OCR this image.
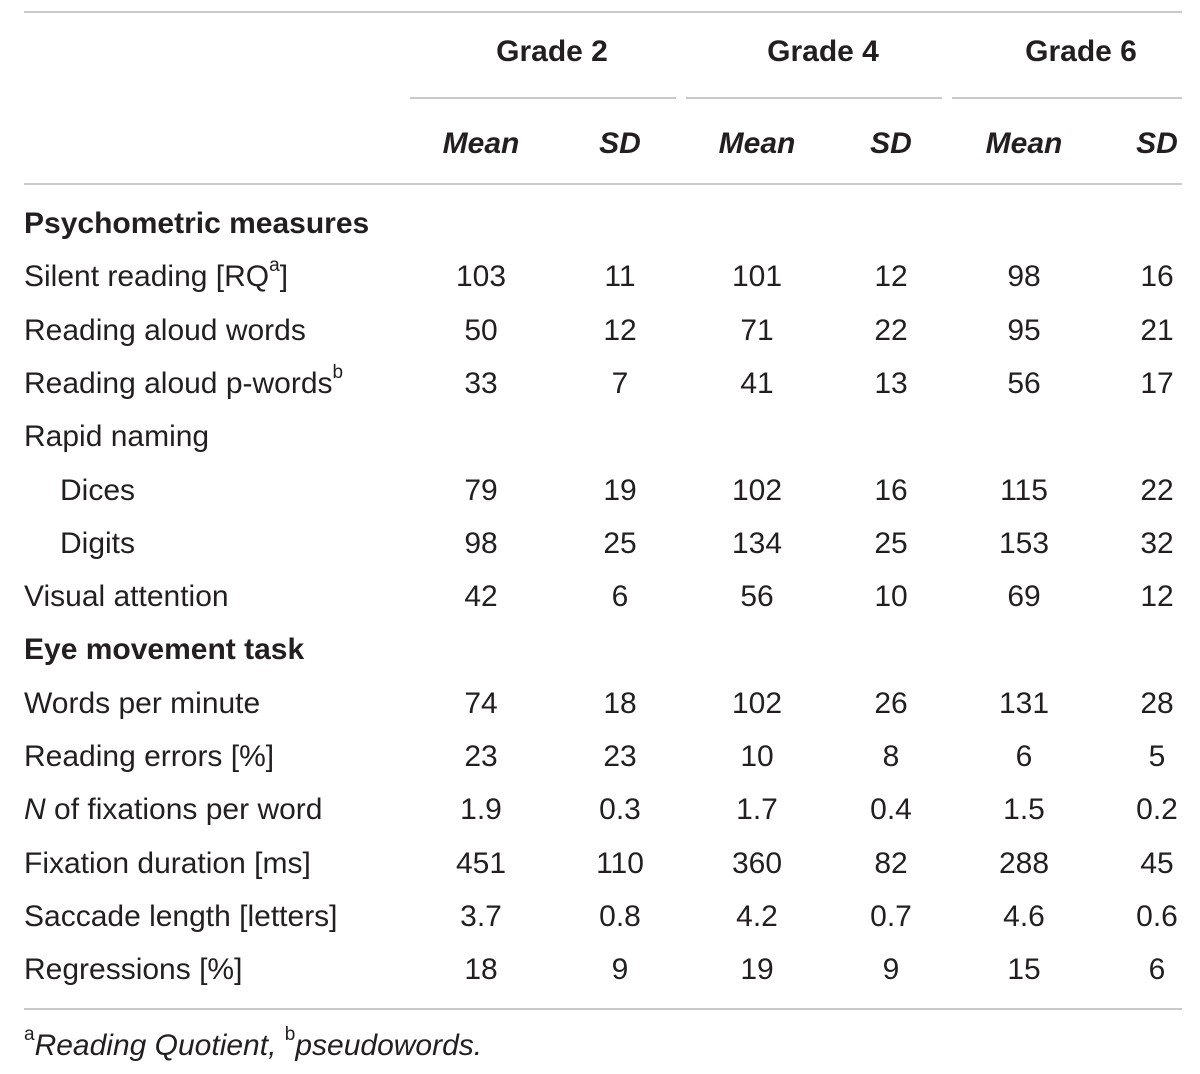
Grade 2	Grade 4	Grade 6
Mean	SD	Mean SD Mean SD
Psychometric measures
Silent reading $[RQ^a]$	103	11	101	12	98	16
Reading aloud words	50	12	71	22	95	21
Reading aloud p-words$^b$	33	7	41	13	56	17
Rapid naming
Dices	79	19	102	16	115	22
Digits	98	25	134	25	153	32
Visual attention	42	6	56	10	69	12
Eye movement task
Words per minute	74	18	102	26	131	28
Reading errors [%]	23	23	10	8	6	5
N of fixations per word	1.9	0.3	1.7	0.4	1.5	0.2
Fixation duration [ms]	451	110	360	82	288	45
Saccade length [letters]	3.7	0.8	4.2	0.7	4.6	0.6
Regressions [%]	18	9	19	9	15	6
$^a$Reading Quotient, $^b$pseudowords.
